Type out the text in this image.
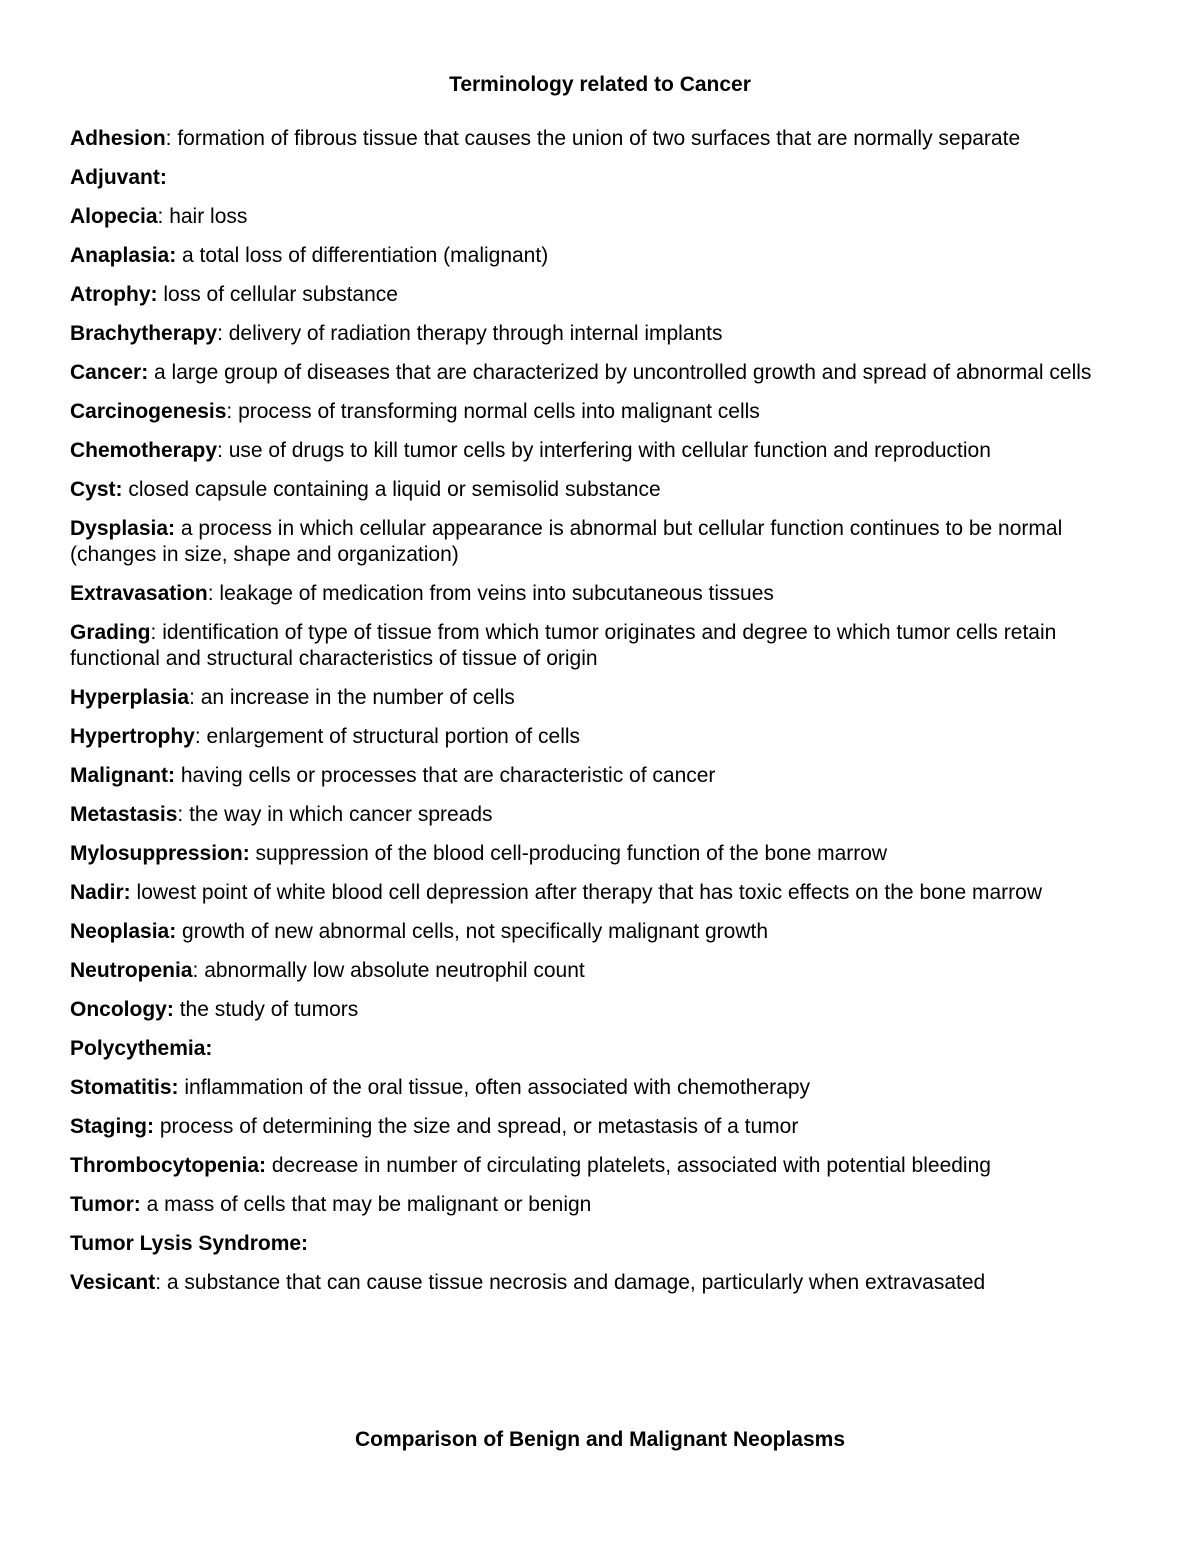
Terminology related to Cancer
Adhesion: formation of fibrous tissue that causes the union of two surfaces that are normally separate
Adjuvant:
Alopecia: hair loss
Anaplasia: a total loss of differentiation (malignant)
Atrophy: loss of cellular substance
Brachytherapy: delivery of radiation therapy through internal implants
Cancer: a large group of diseases that are characterized by uncontrolled growth and spread of abnormal cells
Carcinogenesis: process of transforming normal cells into malignant cells
Chemotherapy: use of drugs to kill tumor cells by interfering with cellular function and reproduction
Cyst: closed capsule containing a liquid or semisolid substance
Dysplasia: a process in which cellular appearance is abnormal but cellular function continues to be normal (changes in size, shape and organization)
Extravasation: leakage of medication from veins into subcutaneous tissues
Grading: identification of type of tissue from which tumor originates and degree to which tumor cells retain functional and structural characteristics of tissue of origin
Hyperplasia: an increase in the number of cells
Hypertrophy: enlargement of structural portion of cells
Malignant: having cells or processes that are characteristic of cancer
Metastasis: the way in which cancer spreads
Mylosuppression: suppression of the blood cell-producing function of the bone marrow
Nadir: lowest point of white blood cell depression after therapy that has toxic effects on the bone marrow
Neoplasia: growth of new abnormal cells, not specifically malignant growth
Neutropenia: abnormally low absolute neutrophil count
Oncology: the study of tumors
Polycythemia:
Stomatitis: inflammation of the oral tissue, often associated with chemotherapy
Staging: process of determining the size and spread, or metastasis of a tumor
Thrombocytopenia: decrease in number of circulating platelets, associated with potential bleeding
Tumor: a mass of cells that may be malignant or benign
Tumor Lysis Syndrome:
Vesicant: a substance that can cause tissue necrosis and damage, particularly when extravasated
Comparison of Benign and Malignant Neoplasms
